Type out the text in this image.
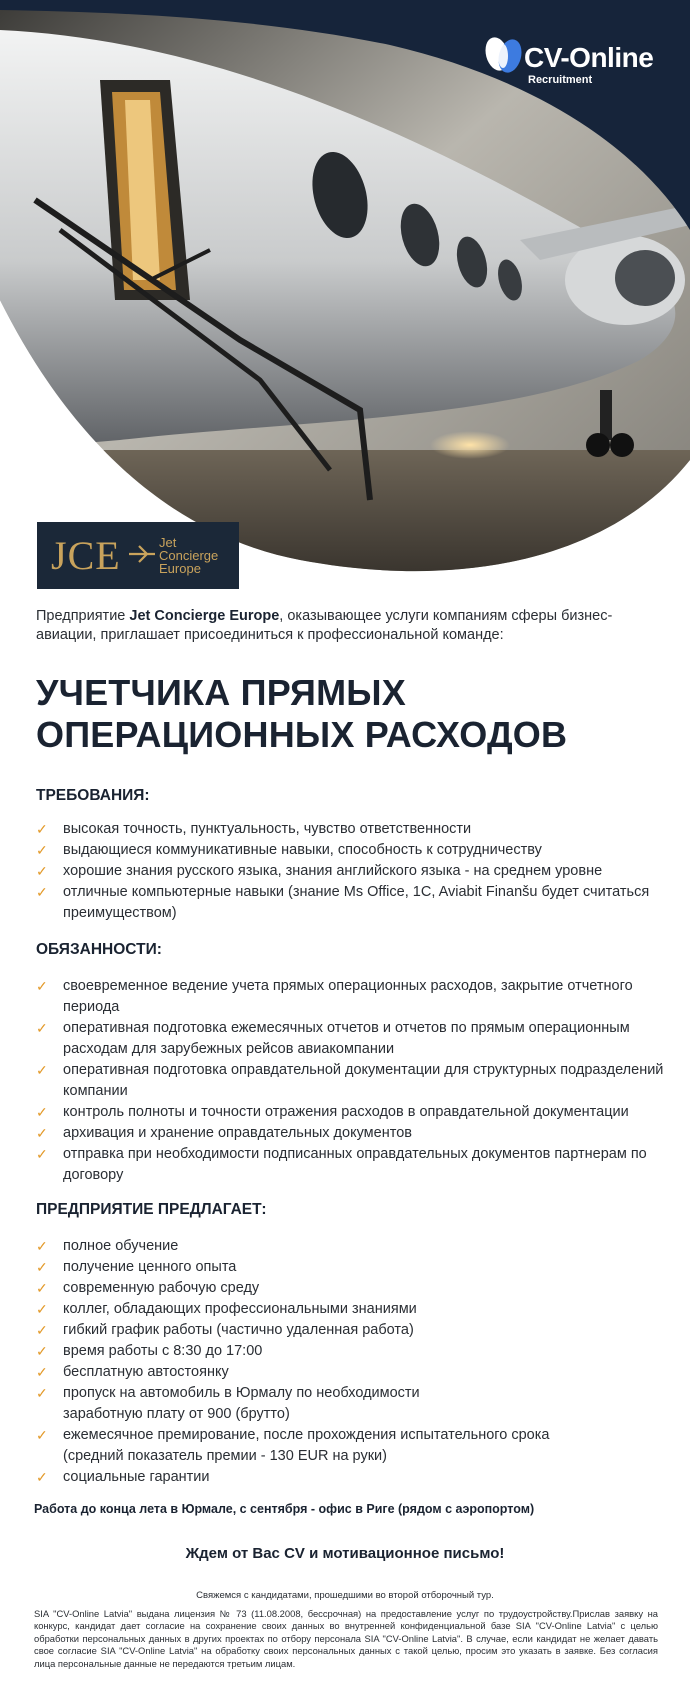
CV-Online
Recruitment
JCE	Jet
Concierge
Europe
Предприятие Jet Concierge Europe, оказывающее услуги компаниям сферы бизнес-авиации, приглашает присоединиться к профессиональной команде:
УЧЕТЧИКА ПРЯМЫХ
ОПЕРАЦИОННЫХ РАСХОДОВ
ТРЕБОВАНИЯ:
✓ высокая точность, пунктуальность, чувство ответственности
✓ выдающиеся коммуникативные навыки, способность к сотрудничеству
✓ хорошие знания русского языка, знания английского языка - на среднем уровне
✓ отличные компьютерные навыки (знание Ms Office, 1C, Aviabit Finanšu будет считаться преимуществом)
ОБЯЗАННОСТИ:
✓ своевременное ведение учета прямых операционных расходов, закрытие отчетного периода
✓ оперативная подготовка ежемесячных отчетов и отчетов по прямым операционным расходам для зарубежных рейсов авиакомпании
✓ оперативная подготовка оправдательной документации для структурных подразделений компании
✓ контроль полноты и точности отражения расходов в оправдательной документации
✓ архивация и хранение оправдательных документов
✓ отправка при необходимости подписанных оправдательных документов партнерам по договору
ПРЕДПРИЯТИЕ ПРЕДЛАГАЕТ:
✓ полное обучение
✓ получение ценного опыта
✓ современную рабочую среду
✓ коллег, обладающих профессиональными знаниями
✓ гибкий график работы (частично удаленная работа)
✓ время работы с 8:30 до 17:00
✓ бесплатную автостоянку
✓ пропуск на автомобиль в Юрмалу по необходимости
заработную плату от 900 (брутто)
✓ ежемесячное премирование, после прохождения испытательного срока
(средний показатель премии - 130 EUR на руки)
✓ социальные гарантии
Работа до конца лета в Юрмале, с сентября - офис в Риге (рядом с аэропортом)
Ждем от Вас CV и мотивационное письмо!
Свяжемся с кандидатами, прошедшими во второй отборочный тур.
SIA "CV-Online Latvia" выдана лицензия № 73 (11.08.2008, бессрочная) на предоставление услуг по трудоустройству.Прислав заявку на конкурс, кандидат дает согласие на сохранение своих данных во внутренней конфиденциальной базе SIA "CV-Online Latvia" с целью обработки персональных данных в других проектах по отбору персонала SIA "CV-Online Latvia". В случае, если кандидат не желает давать свое согласие SIA "CV-Online Latvia" на обработку своих персональных данных с такой целью, просим это указать в заявке. Без согласия лица персональные данные не передаются третьим лицам.
